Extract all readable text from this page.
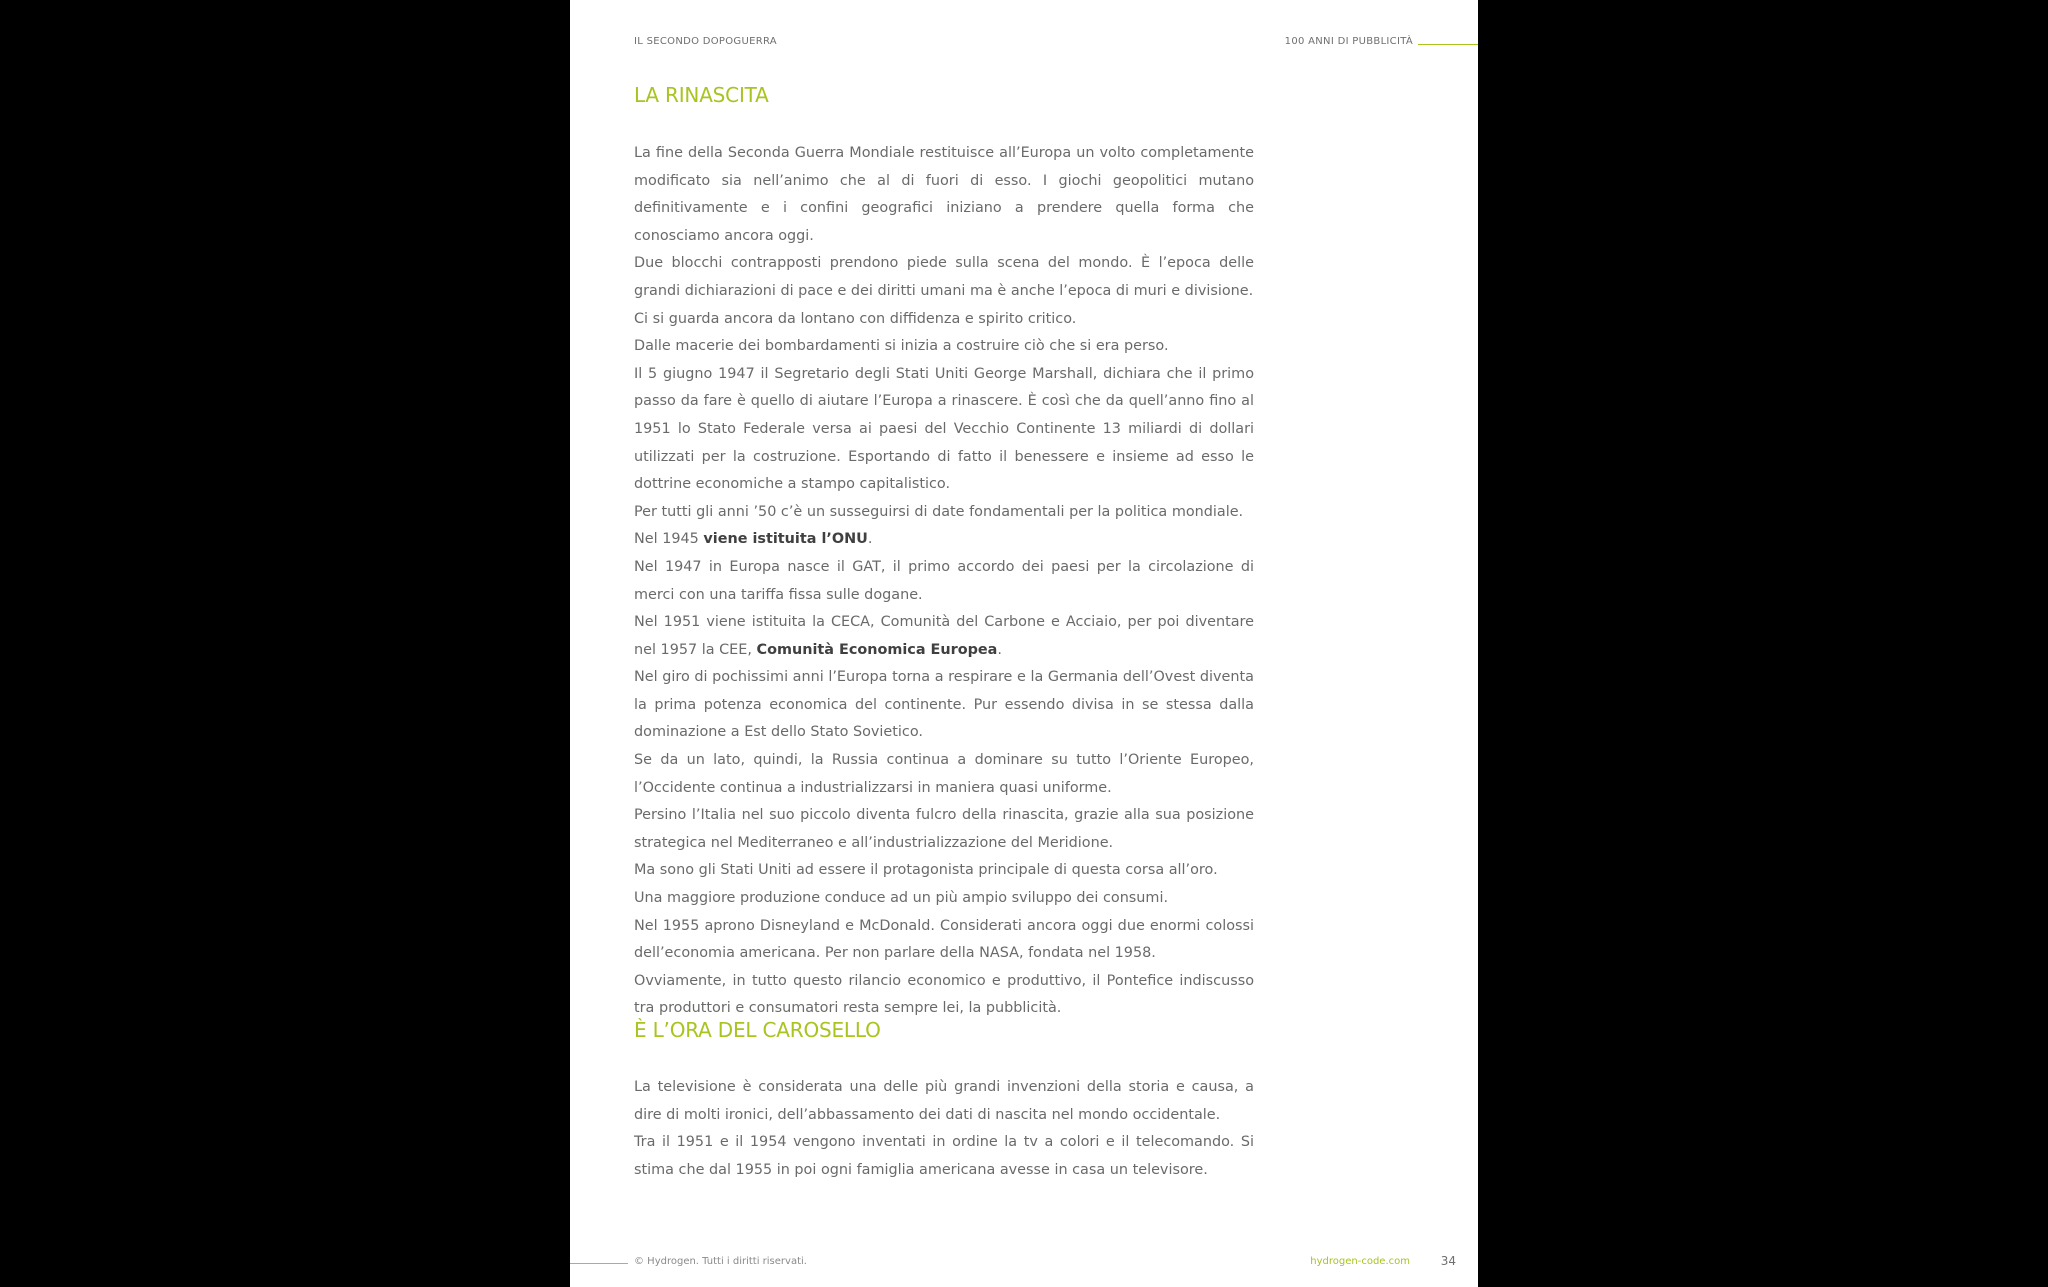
IL SECONDO DOPOGUERRA	100 ANNI DI PUBBLICITÀ
LA RINASCITA

La fine della Seconda Guerra Mondiale restituisce all’Europa un volto completamente modificato sia nell’animo che al di fuori di esso. I giochi geopolitici mutano definitivamente e i confini geografici iniziano a prendere quella forma che conosciamo ancora oggi.

Due blocchi contrapposti prendono piede sulla scena del mondo. È l’epoca delle grandi dichiarazioni di pace e dei diritti umani ma è anche l’epoca di muri e divisione.

Ci si guarda ancora da lontano con diffidenza e spirito critico.

Dalle macerie dei bombardamenti si inizia a costruire ciò che si era perso.

Il 5 giugno 1947 il Segretario degli Stati Uniti George Marshall, dichiara che il primo passo da fare è quello di aiutare l’Europa a rinascere. È così che da quell’anno fino al 1951 lo Stato Federale versa ai paesi del Vecchio Continente 13 miliardi di dollari utilizzati per la costruzione. Esportando di fatto il benessere e insieme ad esso le dottrine economiche a stampo capitalistico.

Per tutti gli anni ’50 c’è un susseguirsi di date fondamentali per la politica mondiale.

Nel 1945 viene istituita l’ONU.

Nel 1947 in Europa nasce il GAT, il primo accordo dei paesi per la circolazione di merci con una tariffa fissa sulle dogane.

Nel 1951 viene istituita la CECA, Comunità del Carbone e Acciaio, per poi diventare nel 1957 la CEE, Comunità Economica Europea.

Nel giro di pochissimi anni l’Europa torna a respirare e la Germania dell’Ovest diventa la prima potenza economica del continente. Pur essendo divisa in se stessa dalla dominazione a Est dello Stato Sovietico.

Se da un lato, quindi, la Russia continua a dominare su tutto l’Oriente Europeo, l’Occidente continua a industrializzarsi in maniera quasi uniforme.

Persino l’Italia nel suo piccolo diventa fulcro della rinascita, grazie alla sua posizione strategica nel Mediterraneo e all’industrializzazione del Meridione.

Ma sono gli Stati Uniti ad essere il protagonista principale di questa corsa all’oro.

Una maggiore produzione conduce ad un più ampio sviluppo dei consumi.

Nel 1955 aprono Disneyland e McDonald. Considerati ancora oggi due enormi colossi dell’economia americana. Per non parlare della NASA, fondata nel 1958.

Ovviamente, in tutto questo rilancio economico e produttivo, il Pontefice indiscusso tra produttori e consumatori resta sempre lei, la pubblicità.

È L’ORA DEL CAROSELLO

La televisione è considerata una delle più grandi invenzioni della storia e causa, a dire di molti ironici, dell’abbassamento dei dati di nascita nel mondo occidentale.

Tra il 1951 e il 1954 vengono inventati in ordine la tv a colori e il telecomando. Si stima che dal 1955 in poi ogni famiglia americana avesse in casa un televisore.

© Hydrogen. Tutti i diritti riservati.	hydrogen-code.com	34
